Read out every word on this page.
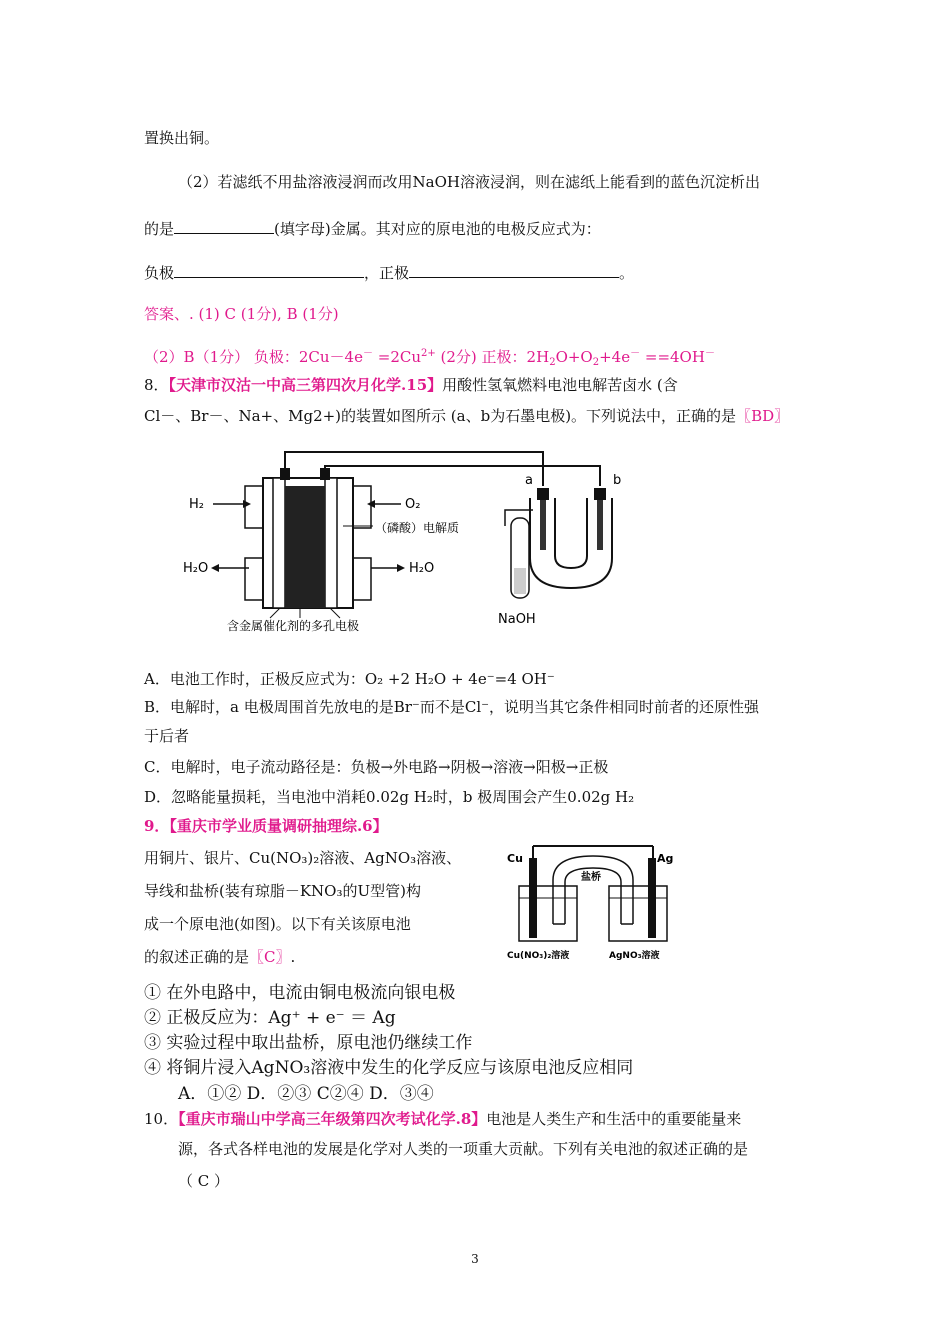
置换出铜。
（2）若滤纸不用盐溶液浸润而改用NaOH溶液浸润，则在滤纸上能看到的蓝色沉淀析出
的是	(填字母)金属。其对应的原电池的电极反应式为：
负极	，正极	。
答案、. (1) C (1分), B (1分)
（2）B（1分） 负极：$2Cu-4e^- =2Cu^{2+}$ (2分) 正极：$2H_2O+O_2+4e^- ==4OH^-$
8．【天津市汉沽一中高三第四次月化学.15】用酸性氢氧燃料电池电解苦卤水 (含
Cl－、Br－、Na+、Mg2+)的装置如图所示 (a、b为石墨电极)。下列说法中，正确的是〖BD〗
H₂	O₂
（磷酸）电解质
H₂O	H₂O
含金属催化剂的多孔电极
a	b
NaOH
A．电池工作时，正极反应式为：O₂ +2 H₂O + 4e⁻=4 OH⁻
B．电解时，a 电极周围首先放电的是Br⁻而不是Cl⁻，说明当其它条件相同时前者的还原性强
于后者
C．电解时，电子流动路径是：负极→外电路→阴极→溶液→阳极→正极
D．忽略能量损耗，当电池中消耗0.02g H₂时，b 极周围会产生0.02g H₂
9．【重庆市学业质量调研抽理综.6】
用铜片、银片、Cu(NO₃)₂溶液、AgNO₃溶液、
导线和盐桥(装有琼脂－KNO₃的U型管)构
成一个原电池(如图)。以下有关该原电池
的叙述正确的是〖C〗.
Cu	Ag
盐桥
Cu(NO₃)₂溶液	AgNO₃溶液
① 在外电路中，电流由铜电极流向银电极
② 正极反应为：Ag⁺ + e⁻ ＝ Ag
③ 实验过程中取出盐桥，原电池仍继续工作
④ 将铜片浸入AgNO₃溶液中发生的化学反应与该原电池反应相同
A．①② D．②③ C②④ D．③④
10．【重庆市瑞山中学高三年级第四次考试化学.8】电池是人类生产和生活中的重要能量来
源，各式各样电池的发展是化学对人类的一项重大贡献。下列有关电池的叙述正确的是
（ C ）
3
